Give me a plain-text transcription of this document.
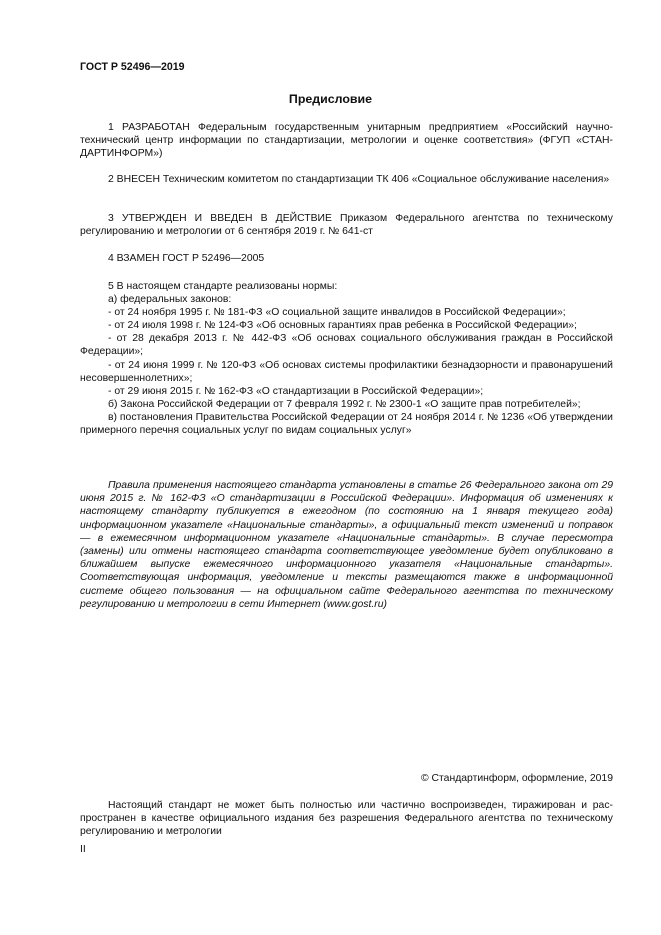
ГОСТ Р 52496—2019
Предисловие
1 РАЗРАБОТАН Федеральным государственным унитарным предприятием «Российский научно-технический центр информации по стандартизации, метрологии и оценке соответствия» (ФГУП «СТАНДАРТИНФОРМ»)
2 ВНЕСЕН Техническим комитетом по стандартизации ТК 406 «Социальное обслуживание населения»
3 УТВЕРЖДЕН И ВВЕДЕН В ДЕЙСТВИЕ Приказом Федерального агентства по техническому регулированию и метрологии от 6 сентября 2019 г. № 641-ст
4 ВЗАМЕН ГОСТ Р 52496—2005
5 В настоящем стандарте реализованы нормы:
а) федеральных законов:
- от 24 ноября 1995 г. № 181-ФЗ «О социальной защите инвалидов в Российской Федерации»;
- от 24 июля 1998 г. № 124-ФЗ «Об основных гарантиях прав ребенка в Российской Федерации»;
- от 28 декабря 2013 г. № 442-ФЗ «Об основах социального обслуживания граждан в Российской Федерации»;
- от 24 июня 1999 г. № 120-ФЗ «Об основах системы профилактики безнадзорности и правонарушений несовершеннолетних»;
- от 29 июня 2015 г. № 162-ФЗ «О стандартизации в Российской Федерации»;
б) Закона Российской Федерации от 7 февраля 1992 г. № 2300-1 «О защите прав потребителей»;
в) постановления Правительства Российской Федерации от 24 ноября 2014 г. № 1236 «Об утверждении примерного перечня социальных услуг по видам социальных услуг»
Правила применения настоящего стандарта установлены в статье 26 Федерального закона от 29 июня 2015 г. № 162-ФЗ «О стандартизации в Российской Федерации». Информация об изменениях к настоящему стандарту публикуется в ежегодном (по состоянию на 1 января текущего года) информационном указателе «Национальные стандарты», а официальный текст изменений и поправок — в ежемесячном информационном указателе «Национальные стандарты». В случае пересмотра (замены) или отмены настоящего стандарта соответствующее уведомление будет опубликовано в ближайшем выпуске ежемесячного информационного указателя «Национальные стандарты». Соответствующая информация, уведомление и тексты размещаются также в информационной системе общего пользования — на официальном сайте Федерального агентства по техническому регулированию и метрологии в сети Интернет (www.gost.ru)
© Стандартинформ, оформление, 2019
Настоящий стандарт не может быть полностью или частично воспроизведен, тиражирован и распространен в качестве официального издания без разрешения Федерального агентства по техническому регулированию и метрологии
II
